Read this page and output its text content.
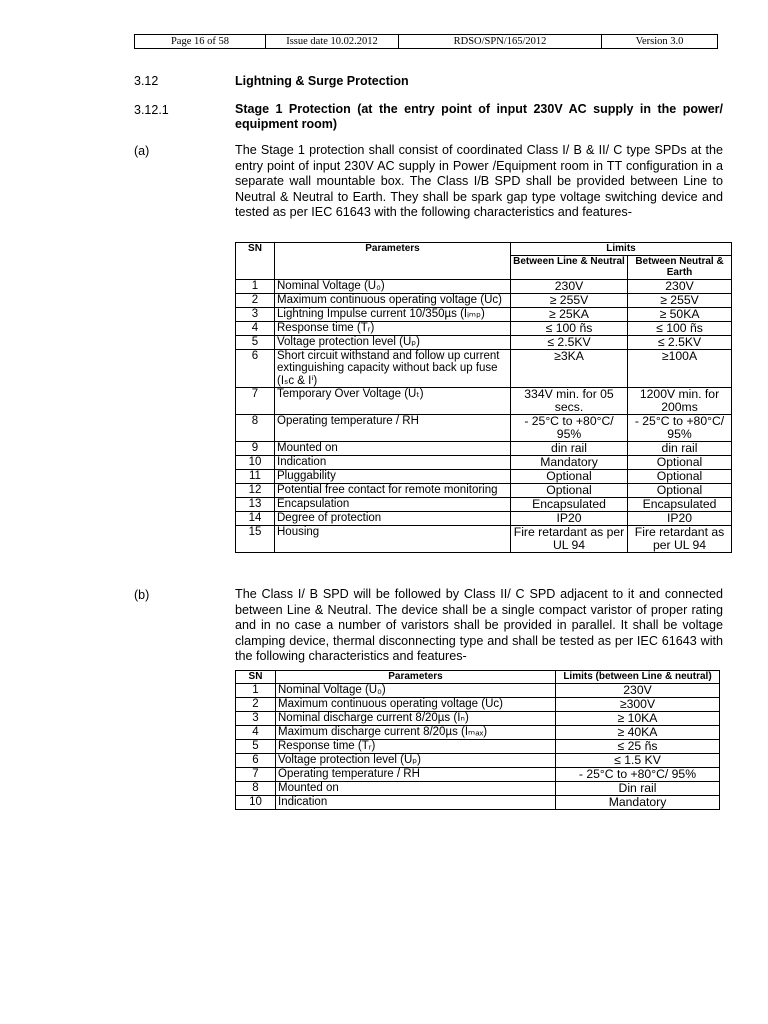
Page 16 of 58	Issue date 10.02.2012	RDSO/SPN/165/2012	Version 3.0
3.12	Lightning & Surge Protection
3.12.1	Stage 1 Protection (at the entry point of input 230V AC supply in the power/ equipment room)
(a)	The Stage 1 protection shall consist of coordinated Class I/ B & II/ C type SPDs at the entry point of input 230V AC supply in Power /Equipment room in TT configuration in a separate wall mountable box. The Class I/B SPD shall be provided between Line to Neutral & Neutral to Earth. They shall be spark gap type voltage switching device and tested as per IEC 61643 with the following characteristics and features-

SN	Parameters	Limits	
		Between Line & Neutral	Between Neutral & Earth
1	Nominal Voltage (U₀)	230V	230V
2	Maximum continuous operating voltage (Uᴄ)	≥ 255V	≥ 255V
3	Lightning Impulse current 10/350µs (Iᵢₘₚ)	≥ 25KA	≥ 50KA
4	Response time (Tᵣ)	≤ 100 ñs	≤ 100 ñs
5	Voltage protection level (Uₚ)	≤ 2.5KV	≤ 2.5KV
6	Short circuit withstand and follow up current extinguishing capacity without back up fuse (Iₛᴄ & Iⁱ)	≥3KA	≥100A
7	Temporary Over Voltage (Uₜ)	334V min. for 05 secs.	1200V min. for 200ms
8	Operating temperature / RH	- 25°C to +80°C/ 95%	- 25°C to +80°C/ 95%
9	Mounted on	din rail	din rail
10	Indication	Mandatory	Optional
11	Pluggability	Optional	Optional
12	Potential free contact for remote monitoring	Optional	Optional
13	Encapsulation	Encapsulated	Encapsulated
14	Degree of protection	IP20	IP20
15	Housing	Fire retardant as per UL 94	Fire retardant as per UL 94
(b)	The Class I/ B SPD will be followed by Class II/ C SPD adjacent to it and connected between Line & Neutral. The device shall be a single compact varistor of proper rating and in no case a number of varistors shall be provided in parallel. It shall be voltage clamping device, thermal disconnecting type and shall be tested as per IEC 61643 with the following characteristics and features-

SN	Parameters	Limits (between Line & neutral)
1	Nominal Voltage (U₀)	230V
2	Maximum continuous operating voltage (Uᴄ)	≥300V
3	Nominal discharge current 8/20µs (Iₙ)	≥ 10KA
4	Maximum discharge current 8/20µs (Iₘₐₓ)	≥ 40KA
5	Response time (Tᵣ)	≤ 25 ñs
6	Voltage protection level (Uₚ)	≤ 1.5 KV
7	Operating temperature / RH	- 25°C to +80°C/ 95%
8	Mounted on	Din rail
10	Indication	Mandatory
